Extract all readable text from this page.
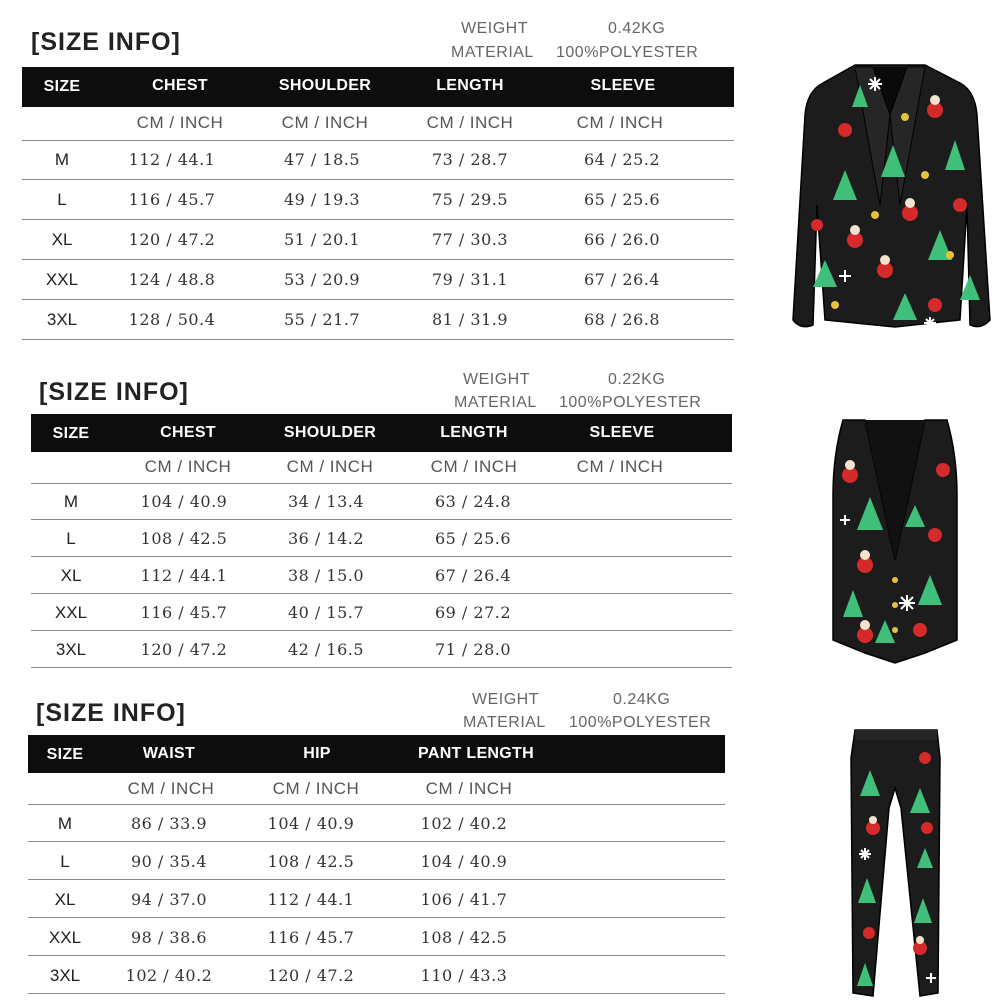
[SIZE INFO]	WEIGHT	0.42KG
MATERIAL 100%POLYESTER
SIZE	CHEST	SHOULDER	LENGTH	SLEEVE
CM / INCH	CM / INCH	CM / INCH	CM / INCH
M	112 / 44.1	47 / 18.5	73 / 28.7	64 / 25.2
L	116 / 45.7	49 / 19.3	75 / 29.5	65 / 25.6
XL	120 / 47.2	51 / 20.1	77 / 30.3	66 / 26.0
XXL	124 / 48.8	53 / 20.9	79 / 31.1	67 / 26.4
3XL	128 / 50.4	55 / 21.7	81 / 31.9	68 / 26.8
[SIZE INFO]	WEIGHT	0.22KG
MATERIAL 100%POLYESTER
SIZE	CHEST	SHOULDER	LENGTH	SLEEVE
CM / INCH	CM / INCH	CM / INCH	CM / INCH
M	104 / 40.9	34 / 13.4	63 / 24.8
L	108 / 42.5	36 / 14.2	65 / 25.6
XL	112 / 44.1	38 / 15.0	67 / 26.4
XXL	116 / 45.7	40 / 15.7	69 / 27.2
3XL	120 / 47.2	42 / 16.5	71 / 28.0
[SIZE INFO]	WEIGHT	0.24KG
MATERIAL 100%POLYESTER
SIZE	WAIST	HIP	PANT LENGTH
CM / INCH	CM / INCH	CM / INCH
M	86 / 33.9	104 / 40.9	102 / 40.2
L	90 / 35.4	108 / 42.5	104 / 40.9
XL	94 / 37.0	112 / 44.1	106 / 41.7
XXL	98 / 38.6	116 / 45.7	108 / 42.5
3XL	102 / 40.2	120 / 47.2	110 / 43.3
